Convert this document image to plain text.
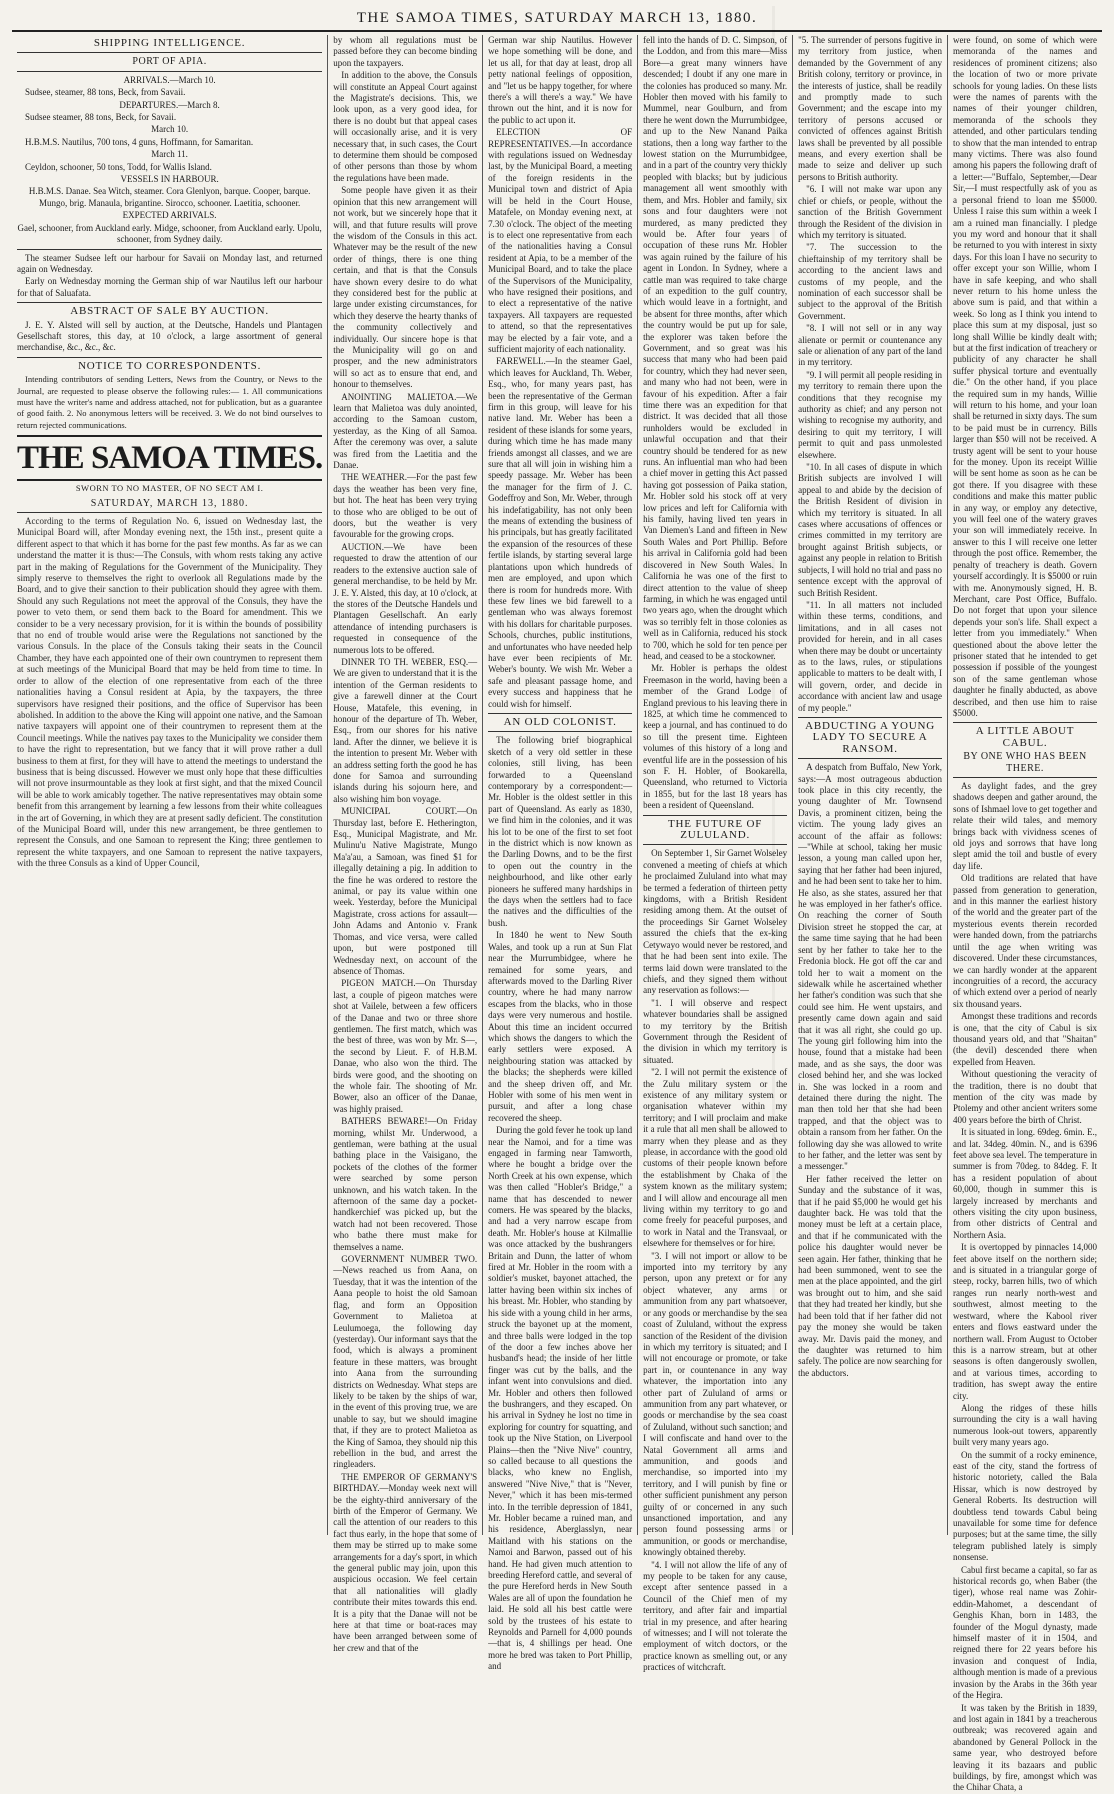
THE SAMOA TIMES, SATURDAY MARCH 13, 1880.
SHIPPING INTELLIGENCE.
PORT OF APIA.

ARRIVALS.—March 10.

Sudsee, steamer, 88 tons, Beck, from Savaii.

DEPARTURES.—March 8.

Sudsee steamer, 88 tons, Beck, for Savaii.

March 10.

H.B.M.S. Nautilus, 700 tons, 4 guns, Hoffmann, for Samaritan.

March 11.

Ceyldon, schooner, 50 tons, Todd, for Wallis Island.

VESSELS IN HARBOUR.

H.B.M.S. Danae. Sea Witch, steamer. Cora Glenlyon, barque. Cooper, barque. Mungo, brig. Manaula, brigantine. Sirocco, schooner. Laetitia, schooner.

EXPECTED ARRIVALS.

Gael, schooner, from Auckland early. Midge, schooner, from Auckland early. Upolu, schooner, from Sydney daily.

The steamer Sudsee left our harbour for Savaii on Monday last, and returned again on Wednesday.

Early on Wednesday morning the German ship of war Nautilus left our harbour for that of Saluafata.

ABSTRACT OF SALE BY AUCTION.

J. E. Y. Alsted will sell by auction, at the Deutsche, Handels und Plantagen Gesellschaft stores, this day, at 10 o'clock, a large assortment of general merchandise, &c., &c., &c.

NOTICE TO CORRESPONDENTS.

Intending contributors of sending Letters, News from the Country, or News to the Journal, are requested to please observe the following rules:— 1. All communications must have the writer's name and address attached, not for publication, but as a guarantee of good faith. 2. No anonymous letters will be received. 3. We do not bind ourselves to return rejected communications.

THE SAMOA TIMES.
SWORN TO NO MASTER, OF NO SECT AM I.
SATURDAY, MARCH 13, 1880.

According to the terms of Regulation No. 6, issued on Wednesday last, the Municipal Board will, after Monday evening next, the 15th inst., present quite a different aspect to that which it has borne for the past few months. As far as we can understand the matter it is thus:—The Consuls, with whom rests taking any active part in the making of Regulations for the Government of the Municipality. They simply reserve to themselves the right to overlook all Regulations made by the Board, and to give their sanction to their publication should they agree with them. Should any such Regulations not meet the approval of the Consuls, they have the power to veto them, or send them back to the Board for amendment. This we consider to be a very necessary provision, for it is within the bounds of possibility that no end of trouble would arise were the Regulations not sanctioned by the various Consuls. In the place of the Consuls taking their seats in the Council Chamber, they have each appointed one of their own countrymen to represent them at such meetings of the Municipal Board that may be held from time to time. In order to allow of the election of one representative from each of the three nationalities having a Consul resident at Apia, by the taxpayers, the three supervisors have resigned their positions, and the office of Supervisor has been abolished. In addition to the above the King will appoint one native, and the Samoan native taxpayers will appoint one of their countrymen to represent them at the Council meetings. While the natives pay taxes to the Municipality we consider them to have the right to representation, but we fancy that it will prove rather a dull business to them at first, for they will have to attend the meetings to understand the business that is being discussed. However we must only hope that these difficulties will not prove insurmountable as they look at first sight, and that the mixed Council will be able to work amicably together. The native representatives may obtain some benefit from this arrangement by learning a few lessons from their white colleagues in the art of Governing, in which they are at present sadly deficient. The constitution of the Municipal Board will, under this new arrangement, be three gentlemen to represent the Consuls, and one Samoan to represent the King; three gentlemen to represent the white taxpayers, and one Samoan to represent the native taxpayers, with the three Consuls as a kind of Upper Council,

by whom all regulations must be passed before they can become binding upon the taxpayers.

In addition to the above, the Consuls will constitute an Appeal Court against the Magistrate's decisions. This, we look upon, as a very good idea, for there is no doubt but that appeal cases will occasionally arise, and it is very necessary that, in such cases, the Court to determine them should be composed of other persons than those by whom the regulations have been made.

Some people have given it as their opinion that this new arrangement will not work, but we sincerely hope that it will, and that future results will prove the wisdom of the Consuls in this act. Whatever may be the result of the new order of things, there is one thing certain, and that is that the Consuls have shown every desire to do what they considered best for the public at large under existing circumstances, for which they deserve the hearty thanks of the community collectively and individually. Our sincere hope is that the Municipality will go on and prosper, and the new administrators will so act as to ensure that end, and honour to themselves.

ANOINTING MALIETOA.—We learn that Malietoa was duly anointed, according to the Samoan custom, yesterday, as the King of all Samoa. After the ceremony was over, a salute was fired from the Laetitia and the Danae.

THE WEATHER.—For the past few days the weather has been very fine, but hot. The heat has been very trying to those who are obliged to be out of doors, but the weather is very favourable for the growing crops.

AUCTION.—We have been requested to draw the attention of our readers to the extensive auction sale of general merchandise, to be held by Mr. J. E. Y. Alsted, this day, at 10 o'clock, at the stores of the Deutsche Handels und Plantagen Gesellschaft. An early attendance of intending purchasers is requested in consequence of the numerous lots to be offered.

DINNER TO TH. WEBER, ESQ.—We are given to understand that it is the intention of the German residents to give a farewell dinner at the Court House, Matafele, this evening, in honour of the departure of Th. Weber, Esq., from our shores for his native land. After the dinner, we believe it is the intention to present Mr. Weber with an address setting forth the good he has done for Samoa and surrounding islands during his sojourn here, and also wishing him bon voyage.

MUNICIPAL COURT.—On Thursday last, before E. Hetherington, Esq., Municipal Magistrate, and Mr. Mulinu'u Native Magistrate, Mungo Ma'a'au, a Samoan, was fined $1 for illegally detaining a pig. In addition to the fine he was ordered to restore the animal, or pay its value within one week. Yesterday, before the Municipal Magistrate, cross actions for assault—John Adams and Antonio v. Frank Thomas, and vice versa, were called upon, but were postponed till Wednesday next, on account of the absence of Thomas.

PIGEON MATCH.—On Thursday last, a couple of pigeon matches were shot at Vailele, between a few officers of the Danae and two or three shore gentlemen. The first match, which was the best of three, was won by Mr. S—, the second by Lieut. F. of H.B.M. Danae, who also won the third. The birds were good, and the shooting on the whole fair. The shooting of Mr. Bower, also an officer of the Danae, was highly praised.

BATHERS BEWARE!—On Friday morning, whilst Mr. Underwood, a gentleman, were bathing at the usual bathing place in the Vaisigano, the pockets of the clothes of the former were searched by some person unknown, and his watch taken. In the afternoon of the same day a pocket-handkerchief was picked up, but the watch had not been recovered. Those who bathe there must make for themselves a name.

GOVERNMENT NUMBER TWO.—News reached us from Aana, on Tuesday, that it was the intention of the Aana people to hoist the old Samoan flag, and form an Opposition Government to Malietoa at Leulumoega, the following day (yesterday). Our informant says that the food, which is always a prominent feature in these matters, was brought into Aana from the surrounding districts on Wednesday. What steps are likely to be taken by the ships of war, in the event of this proving true, we are unable to say, but we should imagine that, if they are to protect Malietoa as the King of Samoa, they should nip this rebellion in the bud, and arrest the ringleaders.

THE EMPEROR OF GERMANY'S BIRTHDAY.—Monday week next will be the eighty-third anniversary of the birth of the Emperor of Germany. We call the attention of our readers to this fact thus early, in the hope that some of them may be stirred up to make some arrangements for a day's sport, in which the general public may join, upon this auspicious occasion. We feel certain that all nationalities will gladly contribute their mites towards this end. It is a pity that the Danae will not be here at that time or boat-races may have been arranged between some of her crew and that of the

German war ship Nautilus. However we hope something will be done, and let us all, for that day at least, drop all petty national feelings of opposition, and "let us be happy together, for where there's a will there's a way." We have thrown out the hint, and it is now for the public to act upon it.

ELECTION OF REPRESENTATIVES.—In accordance with regulations issued on Wednesday last, by the Municipal Board, a meeting of the foreign residents in the Municipal town and district of Apia will be held in the Court House, Matafele, on Monday evening next, at 7.30 o'clock. The object of the meeting is to elect one representative from each of the nationalities having a Consul resident at Apia, to be a member of the Municipal Board, and to take the place of the Supervisors of the Municipality, who have resigned their positions, and to elect a representative of the native taxpayers. All taxpayers are requested to attend, so that the representatives may be elected by a fair vote, and a sufficient majority of each nationality.

FAREWELL.—In the steamer Gael, which leaves for Auckland, Th. Weber, Esq., who, for many years past, has been the representative of the German firm in this group, will leave for his native land. Mr. Weber has been a resident of these islands for some years, during which time he has made many friends amongst all classes, and we are sure that all will join in wishing him a speedy passage. Mr. Weber has been the manager for the firm of J. C. Godeffroy and Son, Mr. Weber, through his indefatigability, has not only been the means of extending the business of his principals, but has greatly facilitated the expansion of the resources of these fertile islands, by starting several large plantations upon which hundreds of men are employed, and upon which there is room for hundreds more. With these few lines we bid farewell to a gentleman who was always foremost with his dollars for charitable purposes. Schools, churches, public institutions, and unfortunates who have needed help have ever been recipients of Mr. Weber's bounty. We wish Mr. Weber a safe and pleasant passage home, and every success and happiness that he could wish for himself.

AN OLD COLONIST.

The following brief biographical sketch of a very old settler in these colonies, still living, has been forwarded to a Queensland contemporary by a correspondent:—Mr. Hobler is the oldest settler in this part of Queensland. As early as 1830, we find him in the colonies, and it was his lot to be one of the first to set foot in the district which is now known as the Darling Downs, and to be the first to open out the country in the neighbourhood, and like other early pioneers he suffered many hardships in the days when the settlers had to face the natives and the difficulties of the bush.

In 1840 he went to New South Wales, and took up a run at Sun Flat near the Murrumbidgee, where he remained for some years, and afterwards moved to the Darling River country, where he had many narrow escapes from the blacks, who in those days were very numerous and hostile. About this time an incident occurred which shows the dangers to which the early settlers were exposed. A neighbouring station was attacked by the blacks; the shepherds were killed and the sheep driven off, and Mr. Hobler with some of his men went in pursuit, and after a long chase recovered the sheep.

During the gold fever he took up land near the Namoi, and for a time was engaged in farming near Tamworth, where he bought a bridge over the North Creek at his own expense, which was then called "Hobler's Bridge," a name that has descended to newer comers. He was speared by the blacks, and had a very narrow escape from death. Mr. Hobler's house at Kilmallie was once attacked by the bushrangers Britain and Dunn, the latter of whom fired at Mr. Hobler in the room with a soldier's musket, bayonet attached, the latter having been within six inches of his breast. Mr. Hobler, who standing by his side with a young child in her arms, struck the bayonet up at the moment, and three balls were lodged in the top of the door a few inches above her husband's head; the inside of her little finger was cut by the balls, and the infant went into convulsions and died. Mr. Hobler and others then followed the bushrangers, and they escaped. On his arrival in Sydney he lost no time in exploring for country for squatting, and took up the Nive Station, on Liverpool Plains—then the "Nive Nive" country, so called because to all questions the blacks, who knew no English, answered "Nive Nive," that is "Never, Never," which it has been mis-termed into. In the terrible depression of 1841, Mr. Hobler became a ruined man, and his residence, Aberglasslyn, near Maitland with his stations on the Namoi and Barwon, passed out of his hand. He had given much attention to breeding Hereford cattle, and several of the pure Hereford herds in New South Wales are all of upon the foundation he laid. He sold all his best cattle were sold by the trustees of his estate to Reynolds and Parnell for 4,000 pounds—that is, 4 shillings per head. One more he bred was taken to Port Phillip, and

fell into the hands of D. C. Simpson, of the Loddon, and from this mare—Miss Bore—a great many winners have descended; I doubt if any one mare in the colonies has produced so many. Mr. Hobler then moved with his family to Mummel, near Goulburn, and from there he went down the Murrumbidgee, and up to the New Nanand Paika stations, then a long way farther to the lowest station on the Murrumbidgee, and in a part of the country very thickly peopled with blacks; but by judicious management all went smoothly with them, and Mrs. Hobler and family, six sons and four daughters were not murdered, as many predicted they would be. After four years of occupation of these runs Mr. Hobler was again ruined by the failure of his agent in London. In Sydney, where a cattle man was required to take charge of an expedition to the gulf country, which would leave in a fortnight, and be absent for three months, after which the country would be put up for sale, the explorer was taken before the Government, and so great was his success that many who had been paid for country, which they had never seen, and many who had not been, were in favour of his expedition. After a fair time there was an expedition for that district. It was decided that all those runholders would be excluded in unlawful occupation and that their country should be tendered for as new runs. An influential man who had been a chief mover in getting this Act passed having got possession of Paika station, Mr. Hobler sold his stock off at very low prices and left for California with his family, having lived ten years in Van Diemen's Land and fifteen in New South Wales and Port Phillip. Before his arrival in California gold had been discovered in New South Wales. In California he was one of the first to direct attention to the value of sheep farming, in which he was engaged until two years ago, when the drought which was so terribly felt in those colonies as well as in California, reduced his stock to 700, which he sold for ten pence per head, and ceased to be a stockowner.

Mr. Hobler is perhaps the oldest Freemason in the world, having been a member of the Grand Lodge of England previous to his leaving there in 1825, at which time he commenced to keep a journal, and has continued to do so till the present time. Eighteen volumes of this history of a long and eventful life are in the possession of his son F. H. Hobler, of Bookarella, Queensland, who returned to Victoria in 1855, but for the last 18 years has been a resident of Queensland.

THE FUTURE OF ZULULAND.

On September 1, Sir Garnet Wolseley convened a meeting of chiefs at which he proclaimed Zululand into what may be termed a federation of thirteen petty kingdoms, with a British Resident residing among them. At the outset of the proceedings Sir Garnet Wolseley assured the chiefs that the ex-king Cetywayo would never be restored, and that he had been sent into exile. The terms laid down were translated to the chiefs, and they signed them without any reservation as follows:—

"1. I will observe and respect whatever boundaries shall be assigned to my territory by the British Government through the Resident of the division in which my territory is situated.

"2. I will not permit the existence of the Zulu military system or the existence of any military system or organisation whatever within my territory; and I will proclaim and make it a rule that all men shall be allowed to marry when they please and as they please, in accordance with the good old customs of their people known before the establishment by Chaka of the system known as the military system; and I will allow and encourage all men living within my territory to go and come freely for peaceful purposes, and to work in Natal and the Transvaal, or elsewhere for themselves or for hire.

"3. I will not import or allow to be imported into my territory by any person, upon any pretext or for any object whatever, any arms or ammunition from any part whatsoever, or any goods or merchandise by the sea coast of Zululand, without the express sanction of the Resident of the division in which my territory is situated; and I will not encourage or promote, or take part in, or countenance in any way whatever, the importation into any other part of Zululand of arms or ammunition from any part whatever, or goods or merchandise by the sea coast of Zululand, without such sanction; and I will confiscate and hand over to the Natal Government all arms and ammunition, and goods and merchandise, so imported into my territory, and I will punish by fine or other sufficient punishment any person guilty of or concerned in any such unsanctioned importation, and any person found possessing arms or ammunition, or goods or merchandise, knowingly obtained thereby.

"4. I will not allow the life of any of my people to be taken for any cause, except after sentence passed in a Council of the Chief men of my territory, and after fair and impartial trial in my presence, and after hearing of witnesses; and I will not tolerate the employment of witch doctors, or the practice known as smelling out, or any practices of witchcraft.

"5. The surrender of persons fugitive in my territory from justice, when demanded by the Government of any British colony, territory or province, in the interests of justice, shall be readily and promptly made to such Government; and the escape into my territory of persons accused or convicted of offences against British laws shall be prevented by all possible means, and every exertion shall be made to seize and deliver up such persons to British authority.

"6. I will not make war upon any chief or chiefs, or people, without the sanction of the British Government through the Resident of the division in which my territory is situated.

"7. The succession to the chieftainship of my territory shall be according to the ancient laws and customs of my people, and the nomination of each successor shall be subject to the approval of the British Government.

"8. I will not sell or in any way alienate or permit or countenance any sale or alienation of any part of the land in my territory.

"9. I will permit all people residing in my territory to remain there upon the conditions that they recognise my authority as chief; and any person not wishing to recognise my authority, and desiring to quit my territory, I will permit to quit and pass unmolested elsewhere.

"10. In all cases of dispute in which British subjects are involved I will appeal to and abide by the decision of the British Resident of division in which my territory is situated. In all cases where accusations of offences or crimes committed in my territory are brought against British subjects, or against any people in relation to British subjects, I will hold no trial and pass no sentence except with the approval of such British Resident.

"11. In all matters not included within these terms, conditions, and limitations, and in all cases not provided for herein, and in all cases when there may be doubt or uncertainty as to the laws, rules, or stipulations applicable to matters to be dealt with, I will govern, order, and decide in accordance with ancient law and usage of my people."

ABDUCTING A YOUNG LADY TO SECURE A RANSOM.

A despatch from Buffalo, New York, says:—A most outrageous abduction took place in this city recently, the young daughter of Mr. Townsend Davis, a prominent citizen, being the victim. The young lady gives an account of the affair as follows:—"While at school, taking her music lesson, a young man called upon her, saying that her father had been injured, and he had been sent to take her to him. He also, as she states, assured her that he was employed in her father's office. On reaching the corner of South Division street he stopped the car, at the same time saying that he had been sent by her father to take her to the Fredonia block. He got off the car and told her to wait a moment on the sidewalk while he ascertained whether her father's condition was such that she could see him. He went upstairs, and presently came down again and said that it was all right, she could go up. The young girl following him into the house, found that a mistake had been made, and as she says, the door was closed behind her, and she was locked in. She was locked in a room and detained there during the night. The man then told her that she had been trapped, and that the object was to obtain a ransom from her father. On the following day she was allowed to write to her father, and the letter was sent by a messenger."

Her father received the letter on Sunday and the substance of it was, that if he paid $5,000 he would get his daughter back. He was told that the money must be left at a certain place, and that if he communicated with the police his daughter would never be seen again. Her father, thinking that he had been summoned, went to see the men at the place appointed, and the girl was brought out to him, and she said that they had treated her kindly, but she had been told that if her father did not pay the money she would be taken away. Mr. Davis paid the money, and the daughter was returned to him safely. The police are now searching for the abductors.

were found, on some of which were memoranda of the names and residences of prominent citizens; also the location of two or more private schools for young ladies. On these lists were the names of parents with the names of their younger children, memoranda of the schools they attended, and other particulars tending to show that the man intended to entrap many victims. There was also found among his papers the following draft of a letter:—"Buffalo, September,—Dear Sir,—I must respectfully ask of you as a personal friend to loan me $5000. Unless I raise this sum within a week I am a ruined man financially. I pledge you my word and honour that it shall be returned to you with interest in sixty days. For this loan I have no security to offer except your son Willie, whom I have in safe keeping, and who shall never return to his home unless the above sum is paid, and that within a week. So long as I think you intend to place this sum at my disposal, just so long shall Willie be kindly dealt with; but at the first indication of treachery or publicity of any character he shall suffer physical torture and eventually die." On the other hand, if you place the required sum in my hands, Willie will return to his home, and your loan shall be returned in sixty days. The sum to be paid must be in currency. Bills larger than $50 will not be received. A trusty agent will be sent to your house for the money. Upon its receipt Willie will be sent home as soon as he can be got there. If you disagree with these conditions and make this matter public in any way, or employ any detective, you will feel one of the watery graves your son will immediately receive. In answer to this I will receive one letter through the post office. Remember, the penalty of treachery is death. Govern yourself accordingly. It is $5000 or ruin with me. Anonymously signed, H. B. Merchant, care Post Office, Buffalo. Do not forget that upon your silence depends your son's life. Shall expect a letter from you immediately." When questioned about the above letter the prisoner stated that he intended to get possession if possible of the youngest son of the same gentleman whose daughter he finally abducted, as above described, and then use him to raise $5000.

A LITTLE ABOUT CABUL.
BY ONE WHO HAS BEEN THERE.

As daylight fades, and the grey shadows deepen and gather around, the sons of Ishmael love to get together and relate their wild tales, and memory brings back with vividness scenes of old joys and sorrows that have long slept amid the toil and bustle of every day life.

Old traditions are related that have passed from generation to generation, and in this manner the earliest history of the world and the greater part of the mysterious events therein recorded were handed down, from the patriarchs until the age when writing was discovered. Under these circumstances, we can hardly wonder at the apparent incongruities of a record, the accuracy of which extend over a period of nearly six thousand years.

Amongst these traditions and records is one, that the city of Cabul is six thousand years old, and that "Shaitan" (the devil) descended there when expelled from Heaven.

Without questioning the veracity of the tradition, there is no doubt that mention of the city was made by Ptolemy and other ancient writers some 400 years before the birth of Christ.

It is situated in long. 69deg. 6min. E., and lat. 34deg. 40min. N., and is 6396 feet above sea level. The temperature in summer is from 70deg. to 84deg. F. It has a resident population of about 60,000, though in summer this is largely increased by merchants and others visiting the city upon business, from other districts of Central and Northern Asia.

It is overtopped by pinnacles 14,000 feet above itself on the northern side; and is situated in a triangular gorge of steep, rocky, barren hills, two of which ranges run nearly north-west and southwest, almost meeting to the westward, where the Kabool river enters and flows eastward under the northern wall. From August to October this is a narrow stream, but at other seasons is often dangerously swollen, and at various times, according to tradition, has swept away the entire city.

Along the ridges of these hills surrounding the city is a wall having numerous look-out towers, apparently built very many years ago.

On the summit of a rocky eminence, east of the city, stand the fortress of historic notoriety, called the Bala Hissar, which is now destroyed by General Roberts. Its destruction will doubtless tend towards Cabul being unavailable for some time for defence purposes; but at the same time, the silly telegram published lately is simply nonsense.

Cabul first became a capital, so far as historical records go, when Baber (the tiger), whose real name was Zohir-eddin-Mahomet, a descendant of Genghis Khan, born in 1483, the founder of the Mogul dynasty, made himself master of it in 1504, and reigned there for 22 years before his invasion and conquest of India, although mention is made of a previous invasion by the Arabs in the 36th year of the Hegira.

It was taken by the British in 1839, and lost again in 1841 by a treacherous outbreak; was recovered again and abandoned by General Pollock in the same year, who destroyed before leaving it its bazaars and public buildings, by fire, amongst which was the Chihar Chata, a
